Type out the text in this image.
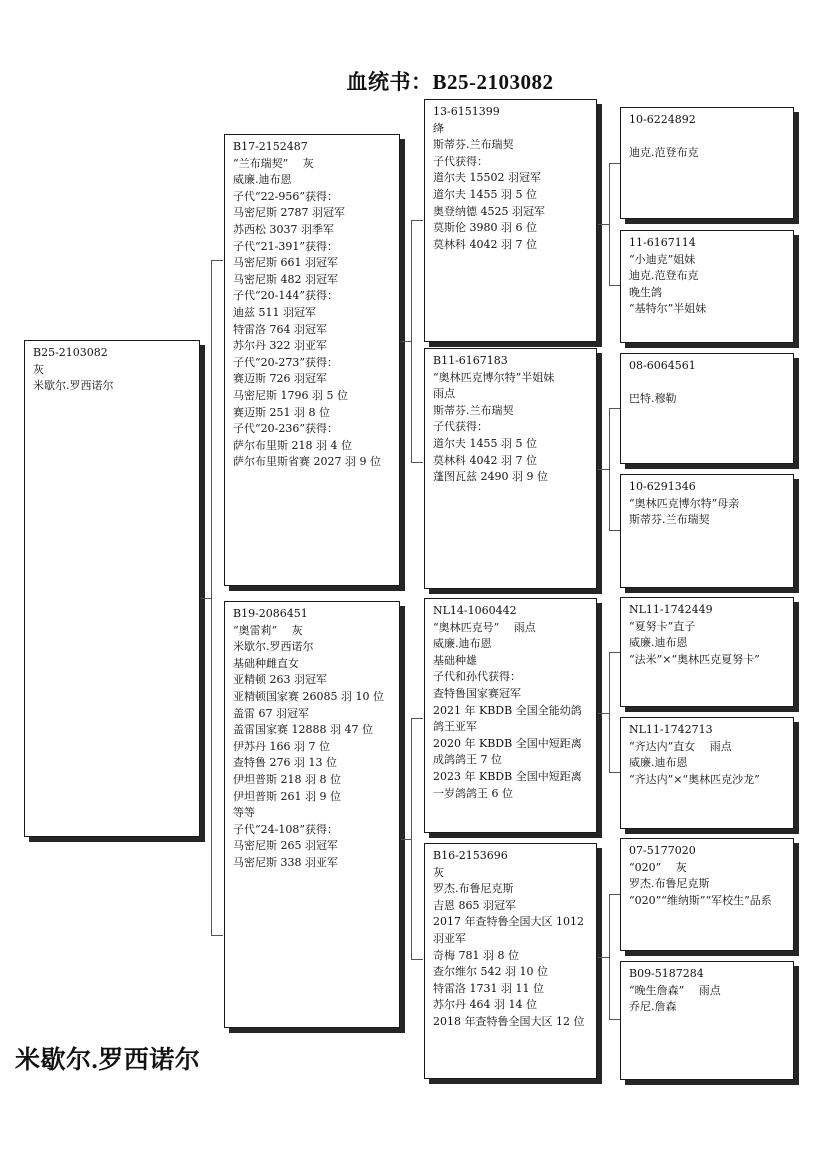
血统书：B25-2103082
B25-2103082
灰
米歇尔.罗西诺尔
B17-2152487
“兰布瑞契”　 灰
威廉.迪布恩
子代“22-956”获得：
马密尼斯 2787 羽冠军
苏西松 3037 羽季军
子代“21-391”获得：
马密尼斯 661 羽冠军
马密尼斯 482 羽冠军
子代“20-144”获得：
迪兹 511 羽冠军
特雷洛 764 羽冠军
苏尔丹 322 羽亚军
子代“20-273”获得：
赛迈斯 726 羽冠军
马密尼斯 1796 羽 5 位
赛迈斯 251 羽 8 位
子代“20-236”获得：
萨尔布里斯 218 羽 4 位
萨尔布里斯省赛 2027 羽 9 位
B19-2086451
“奥雷莉”　 灰
米歇尔.罗西诺尔
基础种雌直女
亚精顿 263 羽冠军
亚精顿国家赛 26085 羽 10 位
盖雷 67 羽冠军
盖雷国家赛 12888 羽 47 位
伊苏丹 166 羽 7 位
查特鲁 276 羽 13 位
伊坦普斯 218 羽 8 位
伊坦普斯 261 羽 9 位
等等
子代“24-108”获得：
马密尼斯 265 羽冠军
马密尼斯 338 羽亚军
13-6151399
绛
斯蒂芬.兰布瑞契
子代获得：
道尔夫 15502 羽冠军
道尔夫 1455 羽 5 位
奥登纳德 4525 羽冠军
莫斯伦 3980 羽 6 位
莫林科 4042 羽 7 位
B11-6167183
“奥林匹克博尔特”半姐妹
雨点
斯蒂芬.兰布瑞契
子代获得：
道尔夫 1455 羽 5 位
莫林科 4042 羽 7 位
蓬图瓦兹 2490 羽 9 位
NL14-1060442
“奥林匹克号”　 雨点
威廉.迪布恩
基础种雄
子代和孙代获得：
查特鲁国家赛冠军
2021 年 KBDB 全国全能幼鸽鸽王亚军
2020 年 KBDB 全国中短距离成鸽鸽王 7 位
2023 年 KBDB 全国中短距离一岁鸽鸽王 6 位
B16-2153696
灰
罗杰.布鲁尼克斯
吉恩 865 羽冠军
2017 年查特鲁全国大区 1012 羽亚军
奇梅 781 羽 8 位
查尔维尔 542 羽 10 位
特雷洛 1731 羽 11 位
苏尔丹 464 羽 14 位
2018 年查特鲁全国大区 12 位
10-6224892
迪克.范登布克
11-6167114
“小迪克”姐妹
迪克.范登布克
晚生鸽
“基特尔”半姐妹
08-6064561
巴特.穆勒
10-6291346
“奥林匹克博尔特”母亲
斯蒂芬.兰布瑞契
NL11-1742449
“夏努卡”直子
威廉.迪布恩
“法米”×“奥林匹克夏努卡”
NL11-1742713
“齐达内”直女　 雨点
威廉.迪布恩
“齐达内”×“奥林匹克沙龙”
07-5177020
“020”　 灰
罗杰.布鲁尼克斯
“020”“维纳斯”“军校生”品系
B09-5187284
“晚生詹森”　 雨点
乔尼.詹森
米歇尔.罗西诺尔
